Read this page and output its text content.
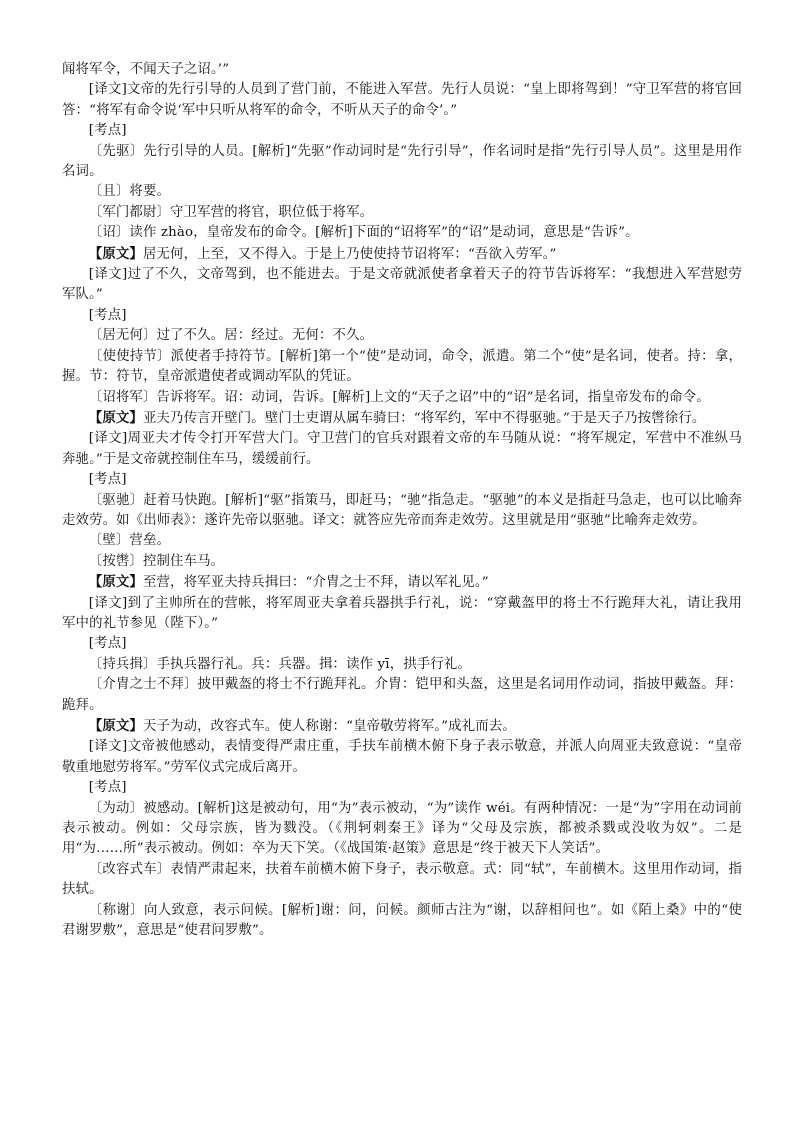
闻将军令，不闻天子之诏。’”

[译文]文帝的先行引导的人员到了营门前，不能进入军营。先行人员说：“皇上即将驾到！”守卫军营的将官回答：“将军有命令说‘军中只听从将军的命令，不听从天子的命令’。”

[考点]

〔先驱〕先行引导的人员。[解析]“先驱”作动词时是“先行引导”，作名词时是指“先行引导人员”。这里是用作名词。

〔且〕将要。

〔军门都尉〕守卫军营的将官，职位低于将军。

〔诏〕读作 zhào，皇帝发布的命令。[解析]下面的“诏将军”的“诏”是动词，意思是“告诉”。

【原文】居无何，上至，又不得入。于是上乃使使持节诏将军：“吾欲入劳军。”

[译文]过了不久，文帝驾到，也不能进去。于是文帝就派使者拿着天子的符节告诉将军：“我想进入军营慰劳军队。”

[考点]

〔居无何〕过了不久。居：经过。无何：不久。

〔使使持节〕派使者手持符节。[解析]第一个“使”是动词，命令，派遣。第二个“使”是名词，使者。持：拿，握。节：符节，皇帝派遣使者或调动军队的凭证。

〔诏将军〕告诉将军。诏：动词，告诉。[解析]上文的“天子之诏”中的“诏”是名词，指皇帝发布的命令。

【原文】亚夫乃传言开壁门。壁门士吏谓从属车骑曰：“将军约，军中不得驱驰。”于是天子乃按辔徐行。

[译文]周亚夫才传令打开军营大门。守卫营门的官兵对跟着文帝的车马随从说：“将军规定，军营中不准纵马奔驰。”于是文帝就控制住车马，缓缓前行。

[考点]

〔驱驰〕赶着马快跑。[解析]“驱”指策马，即赶马；“驰”指急走。“驱驰”的本义是指赶马急走，也可以比喻奔走效劳。如《出师表》：遂许先帝以驱驰。译文：就答应先帝而奔走效劳。这里就是用“驱驰”比喻奔走效劳。

〔壁〕营垒。

〔按辔〕控制住车马。

【原文】至营，将军亚夫持兵揖曰：“介胄之士不拜，请以军礼见。”

[译文]到了主帅所在的营帐，将军周亚夫拿着兵器拱手行礼，说：“穿戴盔甲的将士不行跪拜大礼，请让我用军中的礼节参见（陛下）。”

[考点]

〔持兵揖〕手执兵器行礼。兵：兵器。揖：读作 yī，拱手行礼。

〔介胄之士不拜〕披甲戴盔的将士不行跪拜礼。介胄：铠甲和头盔，这里是名词用作动词，指披甲戴盔。拜：跪拜。

【原文】天子为动，改容式车。使人称谢：“皇帝敬劳将军。”成礼而去。

[译文]文帝被他感动，表情变得严肃庄重，手扶车前横木俯下身子表示敬意，并派人向周亚夫致意说：“皇帝敬重地慰劳将军。”劳军仪式完成后离开。

[考点]

〔为动〕被感动。[解析]这是被动句，用“为”表示被动，“为”读作 wéi。有两种情况：一是“为”字用在动词前表示被动。例如：父母宗族，皆为戮没。（《荆轲刺秦王》译为“父母及宗族，都被杀戮或没收为奴”。二是用“为……所”表示被动。例如：卒为天下笑。（《战国策·赵策》意思是“终于被天下人笑话”。

〔改容式车〕表情严肃起来，扶着车前横木俯下身子，表示敬意。式：同“轼”，车前横木。这里用作动词，指扶轼。

〔称谢〕向人致意，表示问候。[解析]谢：问，问候。颜师古注为“谢，以辞相问也”。如《陌上桑》中的“使君谢罗敷”，意思是“使君问罗敷”。
